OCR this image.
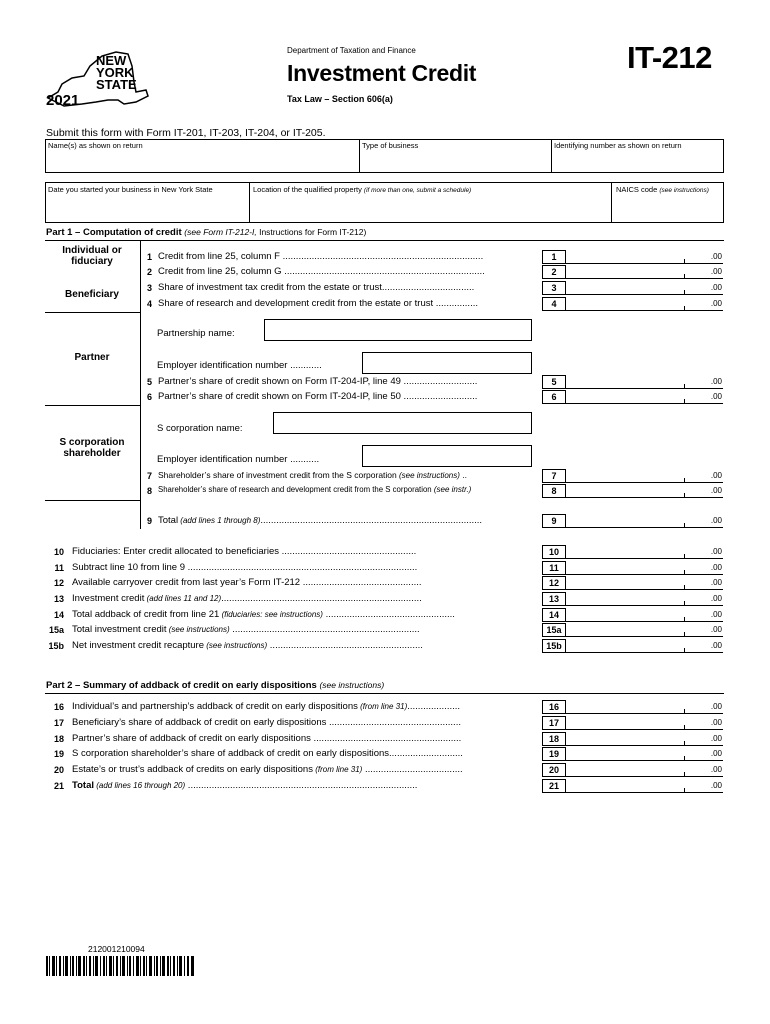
NEW
YORK
STATE
2021
Department of Taxation and Finance
Investment Credit
Tax Law – Section 606(a)
IT-212
Submit this form with Form IT-201, IT-203, IT-204, or IT-205.
Name(s) as shown on return	Type of business	Identifying number as shown on return
Date you started your business in New York State	Location of the qualified property (if more than one, submit a schedule)	NAICS code (see instructions)
Part 1 – Computation of credit (see Form IT-212-I, Instructions for Form IT-212)
Individual or fiduciary
Beneficiary
Partner
S corporation shareholder
Partnership name:
Employer identification number ............
S corporation name:
Employer identification number ...........
1 Credit from line 25, column F ............................................................................	1	.00
2 Credit from line 25, column G ............................................................................	2	.00
3 Share of investment tax credit from the estate or trust...................................	3	.00
4 Share of research and development credit from the estate or trust ................	4	.00
5 Partner’s share of credit shown on Form IT-204-IP, line 49 ............................	5	.00
6 Partner’s share of credit shown on Form IT-204-IP, line 50 ............................	6	.00
7 Shareholder’s share of investment credit from the S corporation (see instructions) ..	7	.00
8 Shareholder’s share of research and development credit from the S corporation (see instr.)	8	.00
9 Total (add lines 1 through 8)....................................................................................	9	.00
10 Fiduciaries: Enter credit allocated to beneficiaries ...................................................	10	.00
11 Subtract line 10 from line 9 .......................................................................................	11	.00
12 Available carryover credit from last year’s Form IT-212 .............................................	12	.00
13 Investment credit (add lines 11 and 12)............................................................................	13	.00
14 Total addback of credit from line 21 (fiduciaries: see instructions) .................................................	14	.00
15a Total investment credit (see instructions) .......................................................................	15a	.00
15b Net investment credit recapture (see instructions) ..........................................................	15b	.00
Part 2 – Summary of addback of credit on early dispositions (see instructions)
16 Individual’s and partnership’s addback of credit on early dispositions (from line 31)....................	16	.00
17 Beneficiary’s share of addback of credit on early dispositions ..................................................	17	.00
18 Partner’s share of addback of credit on early dispositions ........................................................	18	.00
19 S corporation shareholder’s share of addback of credit on early dispositions............................	19	.00
20 Estate’s or trust’s addback of credits on early dispositions (from line 31) .....................................	20	.00
21 Total (add lines 16 through 20) .......................................................................................	21	.00
212001210094
